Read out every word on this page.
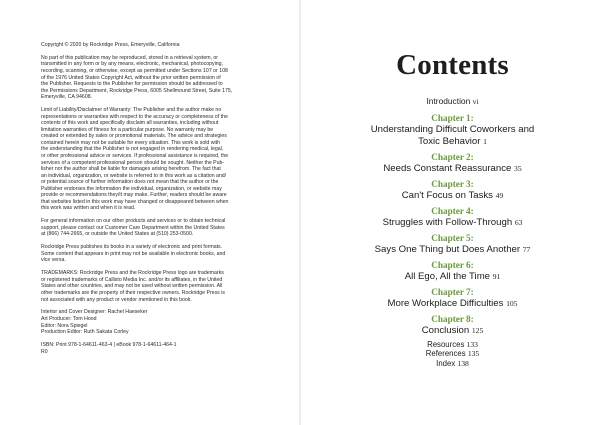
Copyright © 2020 by Rockridge Press, Emeryville, California

No part of this publication may be reproduced, stored in a retrieval system, or
transmitted in any form or by any means, electronic, mechanical, photocopying,
recording, scanning, or otherwise, except as permitted under Sections 107 or 108
of the 1976 United States Copyright Act, without the prior written permission of
the Publisher. Requests to the Publisher for permission should be addressed to
the Permissions Department, Rockridge Press, 6005 Shellmound Street, Suite 175,
Emeryville, CA 94608.

Limit of Liability/Disclaimer of Warranty: The Publisher and the author make no
representations or warranties with respect to the accuracy or completeness of the
contents of this work and specifically disclaim all warranties, including without
limitation warranties of fitness for a particular purpose. No warranty may be
created or extended by sales or promotional materials. The advice and strategies
contained herein may not be suitable for every situation. This work is sold with
the understanding that the Publisher is not engaged in rendering medical, legal,
or other professional advice or services. If professional assistance is required, the
services of a competent professional person should be sought. Neither the Pub-
lisher nor the author shall be liable for damages arising herefrom. The fact that
an individual, organization, or website is referred to in this work as a citation and/
or potential source of further information does not mean that the author or the
Publisher endorses the information the individual, organization, or website may
provide or recommendations they/it may make. Further, readers should be aware
that websites listed in this work may have changed or disappeared between when
this work was written and when it is read.

For general information on our other products and services or to obtain technical
support, please contact our Customer Care Department within the United States
at (866) 744-2665, or outside the United States at (510) 253-0500.

Rockridge Press publishes its books in a variety of electronic and print formats.
Some content that appears in print may not be available in electronic books, and
vice versa.

TRADEMARKS: Rockridge Press and the Rockridge Press logo are trademarks
or registered trademarks of Callisto Media Inc. and/or its affiliates, in the United
States and other countries, and may not be used without written permission. All
other trademarks are the property of their respective owners. Rockridge Press is
not associated with any product or vendor mentioned in this book.

Interior and Cover Designer: Rachel Haeseker
Art Producer: Tom Hood
Editor: Nora Spiegel
Production Editor: Ruth Sakata Corley

ISBN: Print 978-1-64611-463-4 | eBook 978-1-64611-464-1
R0

Contents
Introduction vi
Chapter 1:
Understanding Difficult Coworkers and
Toxic Behavior 1
Chapter 2:
Needs Constant Reassurance 35
Chapter 3:
Can't Focus on Tasks 49
Chapter 4:
Struggles with Follow-Through 63
Chapter 5:
Says One Thing but Does Another 77
Chapter 6:
All Ego, All the Time 91
Chapter 7:
More Workplace Difficulties 105
Chapter 8:
Conclusion 125
Resources 133
References 135
Index 138
